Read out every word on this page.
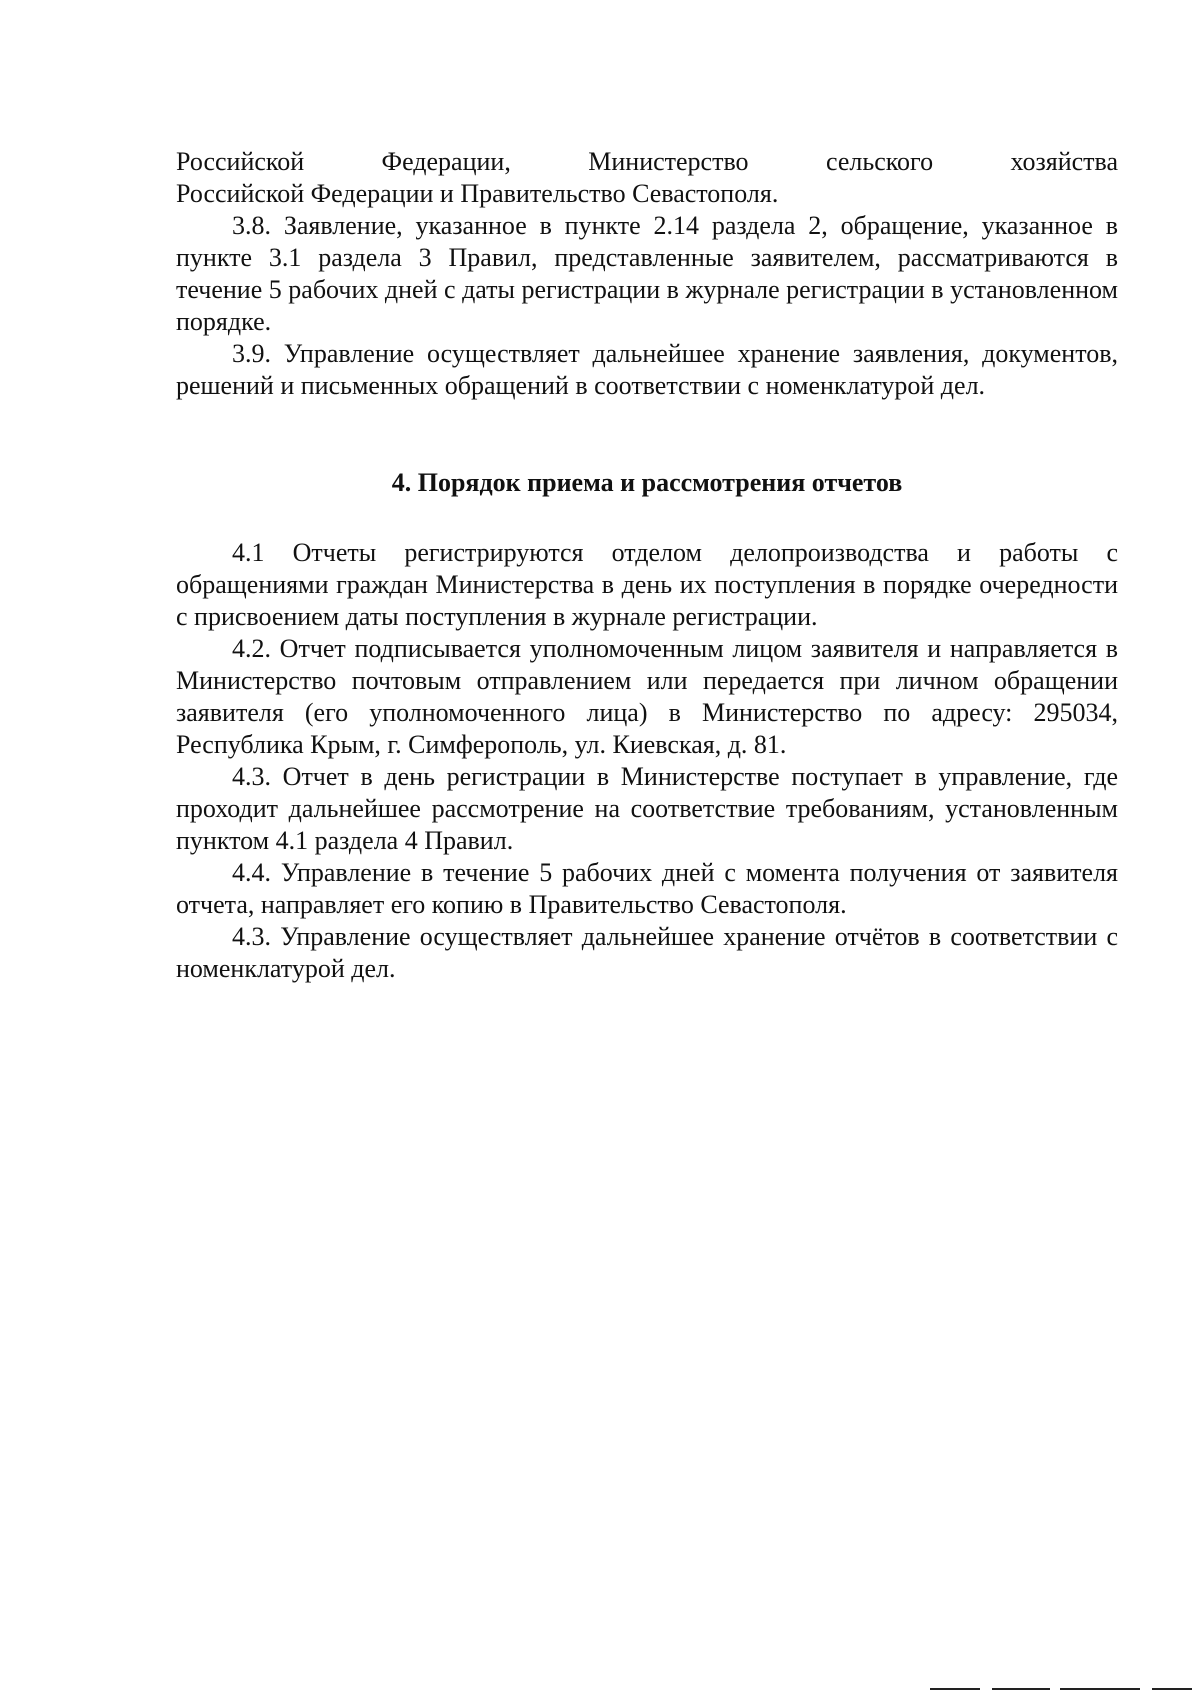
Российской	Федерации,	Министерство	сельского	хозяйства

Российской Федерации и Правительство Севастополя.

3.8. Заявление, указанное в пункте 2.14 раздела 2, обращение, указанное в пункте 3.1 раздела 3 Правил, представленные заявителем, рассматриваются в течение 5 рабочих дней с даты регистрации в журнале регистрации в установленном порядке.

3.9. Управление осуществляет дальнейшее хранение заявления, документов, решений и письменных обращений в соответствии с номенклатурой дел.

4. Порядок приема и рассмотрения отчетов

4.1 Отчеты регистрируются отделом делопроизводства и работы с обращениями граждан Министерства в день их поступления в порядке очередности с присвоением даты поступления в журнале регистрации.

4.2. Отчет подписывается уполномоченным лицом заявителя и направляется в Министерство почтовым отправлением или передается при личном обращении заявителя (его уполномоченного лица) в Министерство по адресу: 295034, Республика Крым, г. Симферополь, ул. Киевская, д. 81.

4.3. Отчет в день регистрации в Министерстве поступает в управление, где проходит дальнейшее рассмотрение на соответствие требованиям, установленным пунктом 4.1 раздела 4 Правил.

4.4. Управление в течение 5 рабочих дней с момента получения от заявителя отчета, направляет его копию в Правительство Севастополя.

4.3. Управление осуществляет дальнейшее хранение отчётов в соответствии с номенклатурой дел.
